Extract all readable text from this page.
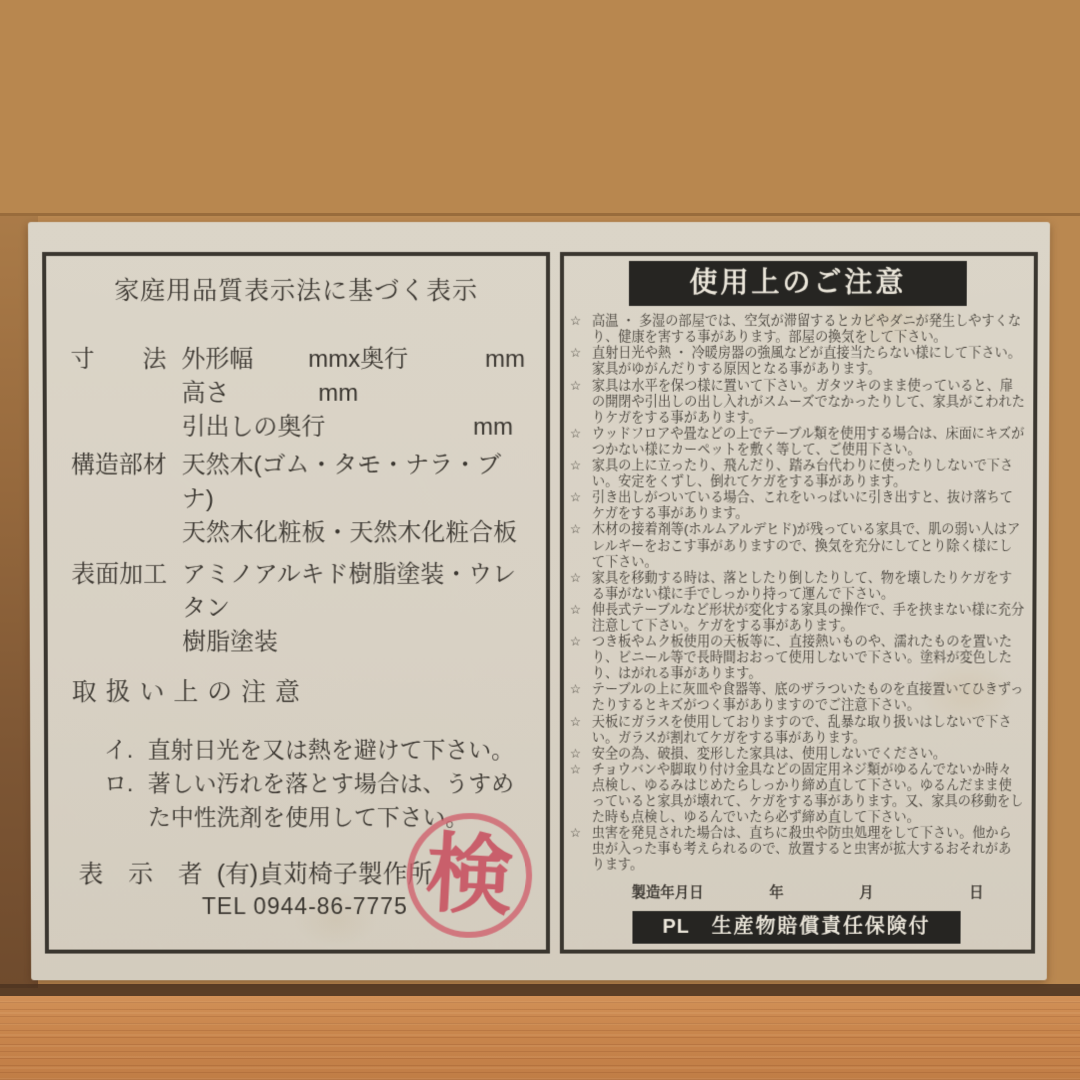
家庭用品質表示法に基づく表示
寸　　法 外形幅	mmx奥行	mm
高さ	mm
引出しの奥行	mm
構造部材 天然木(ゴム・タモ・ナラ・ブナ)
天然木化粧板・天然木化粧合板
表面加工 アミノアルキド樹脂塗装・ウレタン
樹脂塗装
取扱い上の注意
イ. 直射日光を又は熱を避けて下さい。
ロ. 著しい汚れを落とす場合は、うすめた中性洗剤を使用して下さい。
表　示　者 (有)貞苅椅子製作所
TEL 0944-86-7775 検
使用上のご注意
☆ 高温 ・ 多湿の部屋では、空気が滞留するとカビやダニが発生しやすくなり、健康を害する事があります。部屋の換気をして下さい。
☆ 直射日光や熱 ・ 冷暖房器の強風などが直接当たらない様にして下さい。家具がゆがんだりする原因となる事があります。
☆ 家具は水平を保つ様に置いて下さい。ガタツキのまま使っていると、扉の開閉や引出しの出し入れがスムーズでなかったりして、家具がこわれたりケガをする事があります。
☆ ウッドフロアや畳などの上でテーブル類を使用する場合は、床面にキズがつかない様にカーペットを敷く等して、ご使用下さい。
☆ 家具の上に立ったり、飛んだり、踏み台代わりに使ったりしないで下さい。安定をくずし、倒れてケガをする事があります。
☆ 引き出しがついている場合、これをいっぱいに引き出すと、抜け落ちてケガをする事があります。
☆ 木材の接着剤等(ホルムアルデヒド)が残っている家具で、肌の弱い人はアレルギーをおこす事がありますので、換気を充分にしてとり除く様にして下さい。
☆ 家具を移動する時は、落としたり倒したりして、物を壊したりケガをする事がない様に手でしっかり持って運んで下さい。
☆ 伸長式テーブルなど形状が変化する家具の操作で、手を挟まない様に充分注意して下さい。ケガをする事があります。
☆ つき板やムク板使用の天板等に、直接熱いものや、濡れたものを置いたり、ビニール等で長時間おおって使用しないで下さい。塗料が変色したり、はがれる事があります。
☆ テーブルの上に灰皿や食器等、底のザラついたものを直接置いてひきずったりするとキズがつく事がありますのでご注意下さい。
☆ 天板にガラスを使用しておりますので、乱暴な取り扱いはしないで下さい。ガラスが割れてケガをする事があります。
☆ 安全の為、破損、変形した家具は、使用しないでください。
☆ チョウバンや脚取り付け金具などの固定用ネジ類がゆるんでないか時々点検し、ゆるみはじめたらしっかり締め直して下さい。ゆるんだまま使っていると家具が壊れて、ケガをする事があります。又、家具の移動をした時も点検し、ゆるんでいたら必ず締め直して下さい。
☆ 虫害を発見された場合は、直ちに殺虫や防虫処理をして下さい。他から虫が入った事も考えられるので、放置すると虫害が拡大するおそれがあります。
製造年月日	年	月	日
PL 生産物賠償責任保険付
